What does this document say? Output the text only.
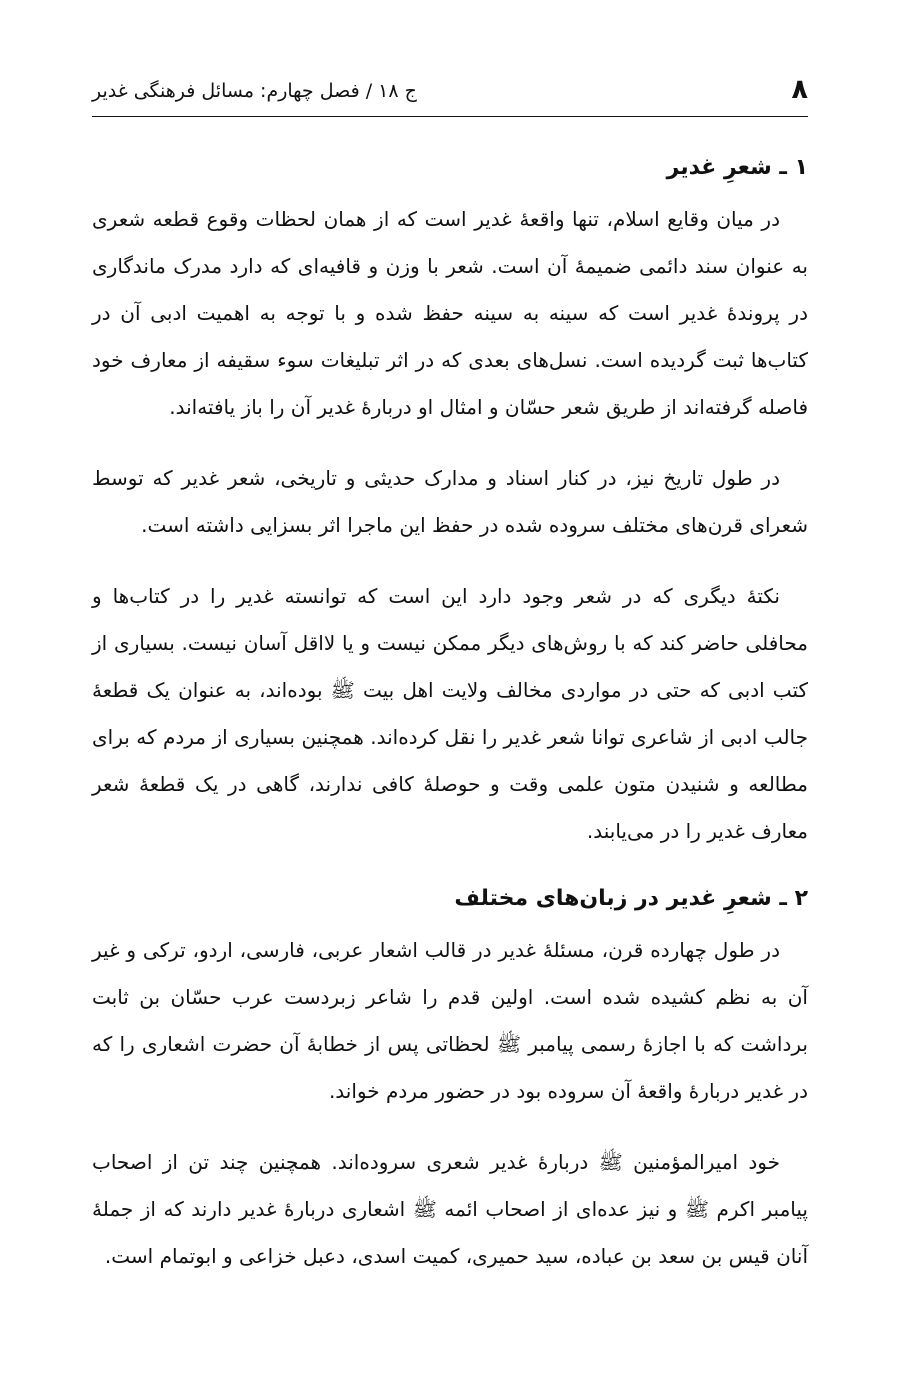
۸
ج ۱۸ / فصل چهارم: مسائل فرهنگی غدیر
۱ ـ شعرِ غدیر

در میان وقایع اسلام، تنها واقعۀ غدیر است که از همان لحظات وقوع قطعه شعری به عنوان سند دائمی ضمیمۀ آن است. شعر با وزن و قافیه‌ای که دارد مدرک ماندگاری در پروندۀ غدیر است که سینه به سینه حفظ شده و با توجه به اهمیت ادبی آن در کتاب‌ها ثبت گردیده است. نسل‌های بعدی که در اثر تبلیغات سوء سقیفه از معارف خود فاصله گرفته‌اند از طریق شعر حسّان و امثال او دربارۀ غدیر آن را باز یافته‌اند.

در طول تاریخ نیز، در کنار اسناد و مدارک حدیثی و تاریخی، شعر غدیر که توسط شعرای قرن‌های مختلف سروده شده در حفظ این ماجرا اثر بسزایی داشته است.

نکتۀ دیگری که در شعر وجود دارد این است که توانسته غدیر را در کتاب‌ها و محافلی حاضر کند که با روش‌های دیگر ممکن نیست و یا لااقل آسان نیست. بسیاری از کتب ادبی که حتی در مواردی مخالف ولایت اهل بیت ﷺ بوده‌اند، به عنوان یک قطعۀ جالب ادبی از شاعری توانا شعر غدیر را نقل کرده‌اند. همچنین بسیاری از مردم که برای مطالعه و شنیدن متون علمی وقت و حوصلۀ کافی ندارند، گاهی در یک قطعۀ شعر معارف غدیر را در می‌یابند.

۲ ـ شعرِ غدیر در زبان‌های مختلف

در طول چهارده قرن، مسئلۀ غدیر در قالب اشعار عربی، فارسی، اردو، ترکی و غیر آن به نظم کشیده شده است. اولین قدم را شاعر زبردست عرب حسّان بن ثابت برداشت که با اجازۀ رسمی پیامبر ﷺ لحظاتی پس از خطابۀ آن حضرت اشعاری را که در غدیر دربارۀ واقعۀ آن سروده بود در حضور مردم خواند.

خود امیرالمؤمنین ﷺ دربارۀ غدیر شعری سروده‌اند. همچنین چند تن از اصحاب پیامبر اکرم ﷺ و نیز عده‌ای از اصحاب ائمه ﷺ اشعاری دربارۀ غدیر دارند که از جملۀ آنان قیس بن سعد بن عباده، سید حمیری، کمیت اسدی، دعبل خزاعی و ابوتمام است.
